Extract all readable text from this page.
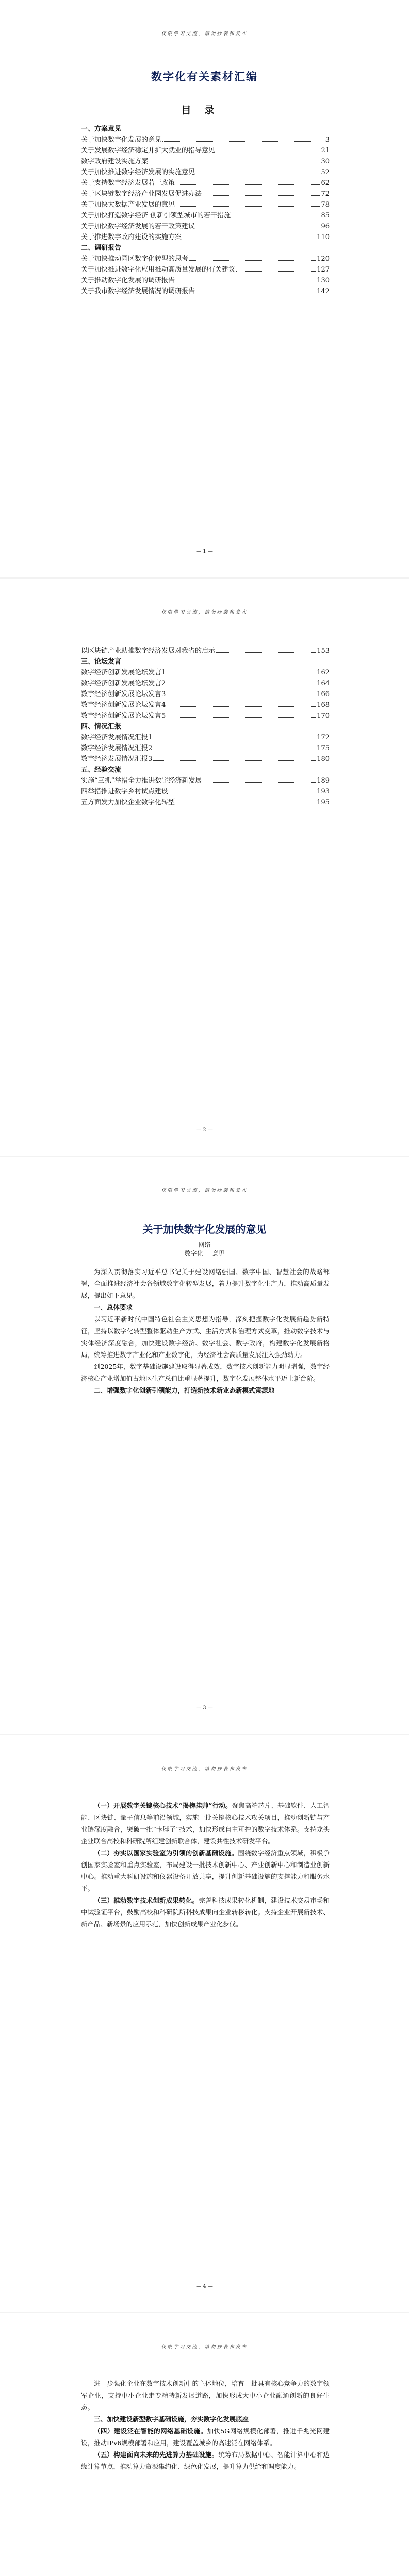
仅限学习交流，请勿抄袭和发布
数字化有关素材汇编
目录
一、方案意见
关于加快数字化发展的意见	3
关于发展数字经济稳定并扩大就业的指导意见	21
数字政府建设实施方案	30
关于加快推进数字经济发展的实施意见	52
关于支持数字经济发展若干政策	62
关于区块链数字经济产业园发展促进办法	72
关于加快大数据产业发展的意见	78
关于加快打造数字经济 创新引领型城市的若干措施	85
关于加快数字经济发展的若干政策建议	96
关于推进数字政府建设的实施方案	110
二、调研报告
关于加快推动园区数字化转型的思考	120
关于加快推进数字化应用推动高质量发展的有关建议	127
关于推动数字化发展的调研报告	130
关于我市数字经济发展情况的调研报告	142
— 1 —
仅限学习交流，请勿抄袭和发布
以区块链产业助推数字经济发展对我省的启示	153
三、论坛发言
数字经济创新发展论坛发言1	162
数字经济创新发展论坛发言2	164
数字经济创新发展论坛发言3	166
数字经济创新发展论坛发言4	168
数字经济创新发展论坛发言5	170
四、情况汇报
数字经济发展情况汇报1	172
数字经济发展情况汇报2	175
数字经济发展情况汇报3	180
五、经验交流
实施“三抓”举措全力推进数字经济新发展	189
四举措推进数字乡村试点建设	193
五方面发力加快企业数字化转型	195
— 2 —
仅限学习交流，请勿抄袭和发布
关于加快数字化发展的意见
网络
数字化 意见

为深入贯彻落实习近平总书记关于建设网络强国、数字中国、智慧社会的战略部署，全面推进经济社会各领域数字化转型发展，着力提升数字化生产力，推动高质量发展，提出如下意见。

一、总体要求

以习近平新时代中国特色社会主义思想为指导，深刻把握数字化发展新趋势新特征，坚持以数字化转型整体驱动生产方式、生活方式和治理方式变革，推动数字技术与实体经济深度融合，加快建设数字经济、数字社会、数字政府，构建数字化发展新格局，统筹推进数字产业化和产业数字化，为经济社会高质量发展注入强劲动力。

到2025年，数字基础设施建设取得显著成效，数字技术创新能力明显增强，数字经济核心产业增加值占地区生产总值比重显著提升，数字化发展整体水平迈上新台阶。

二、增强数字化创新引领能力，打造新技术新业态新模式策源地

— 3 —
仅限学习交流，请勿抄袭和发布

（一）开展数字关键核心技术“揭榜挂帅”行动。聚焦高端芯片、基础软件、人工智能、区块链、量子信息等前沿领域，实施一批关键核心技术攻关项目，推动创新链与产业链深度融合，突破一批“卡脖子”技术，加快形成自主可控的数字技术体系。支持龙头企业联合高校和科研院所组建创新联合体，建设共性技术研发平台。

（二）夯实以国家实验室为引领的创新基础设施。围绕数字经济重点领域，积极争创国家实验室和重点实验室，布局建设一批技术创新中心、产业创新中心和制造业创新中心。推动重大科研设施和仪器设备开放共享，提升创新基础设施的支撑能力和服务水平。

（三）推动数字技术创新成果转化。完善科技成果转化机制，建设技术交易市场和中试验证平台，鼓励高校和科研院所科技成果向企业转移转化。支持企业开展新技术、新产品、新场景的应用示范，加快创新成果产业化步伐。

— 4 —
仅限学习交流，请勿抄袭和发布

进一步强化企业在数字技术创新中的主体地位，培育一批具有核心竞争力的数字领军企业，支持中小企业走专精特新发展道路，加快形成大中小企业融通创新的良好生态。

三、加快建设新型数字基础设施，夯实数字化发展底座

（四）建设泛在智能的网络基础设施。加快5G网络规模化部署，推进千兆光网建设，推动IPv6规模部署和应用，建设覆盖城乡的高速泛在网络体系。

（五）构建面向未来的先进算力基础设施。统筹布局数据中心、智能计算中心和边缘计算节点，推动算力资源集约化、绿色化发展，提升算力供给和调度能力。
